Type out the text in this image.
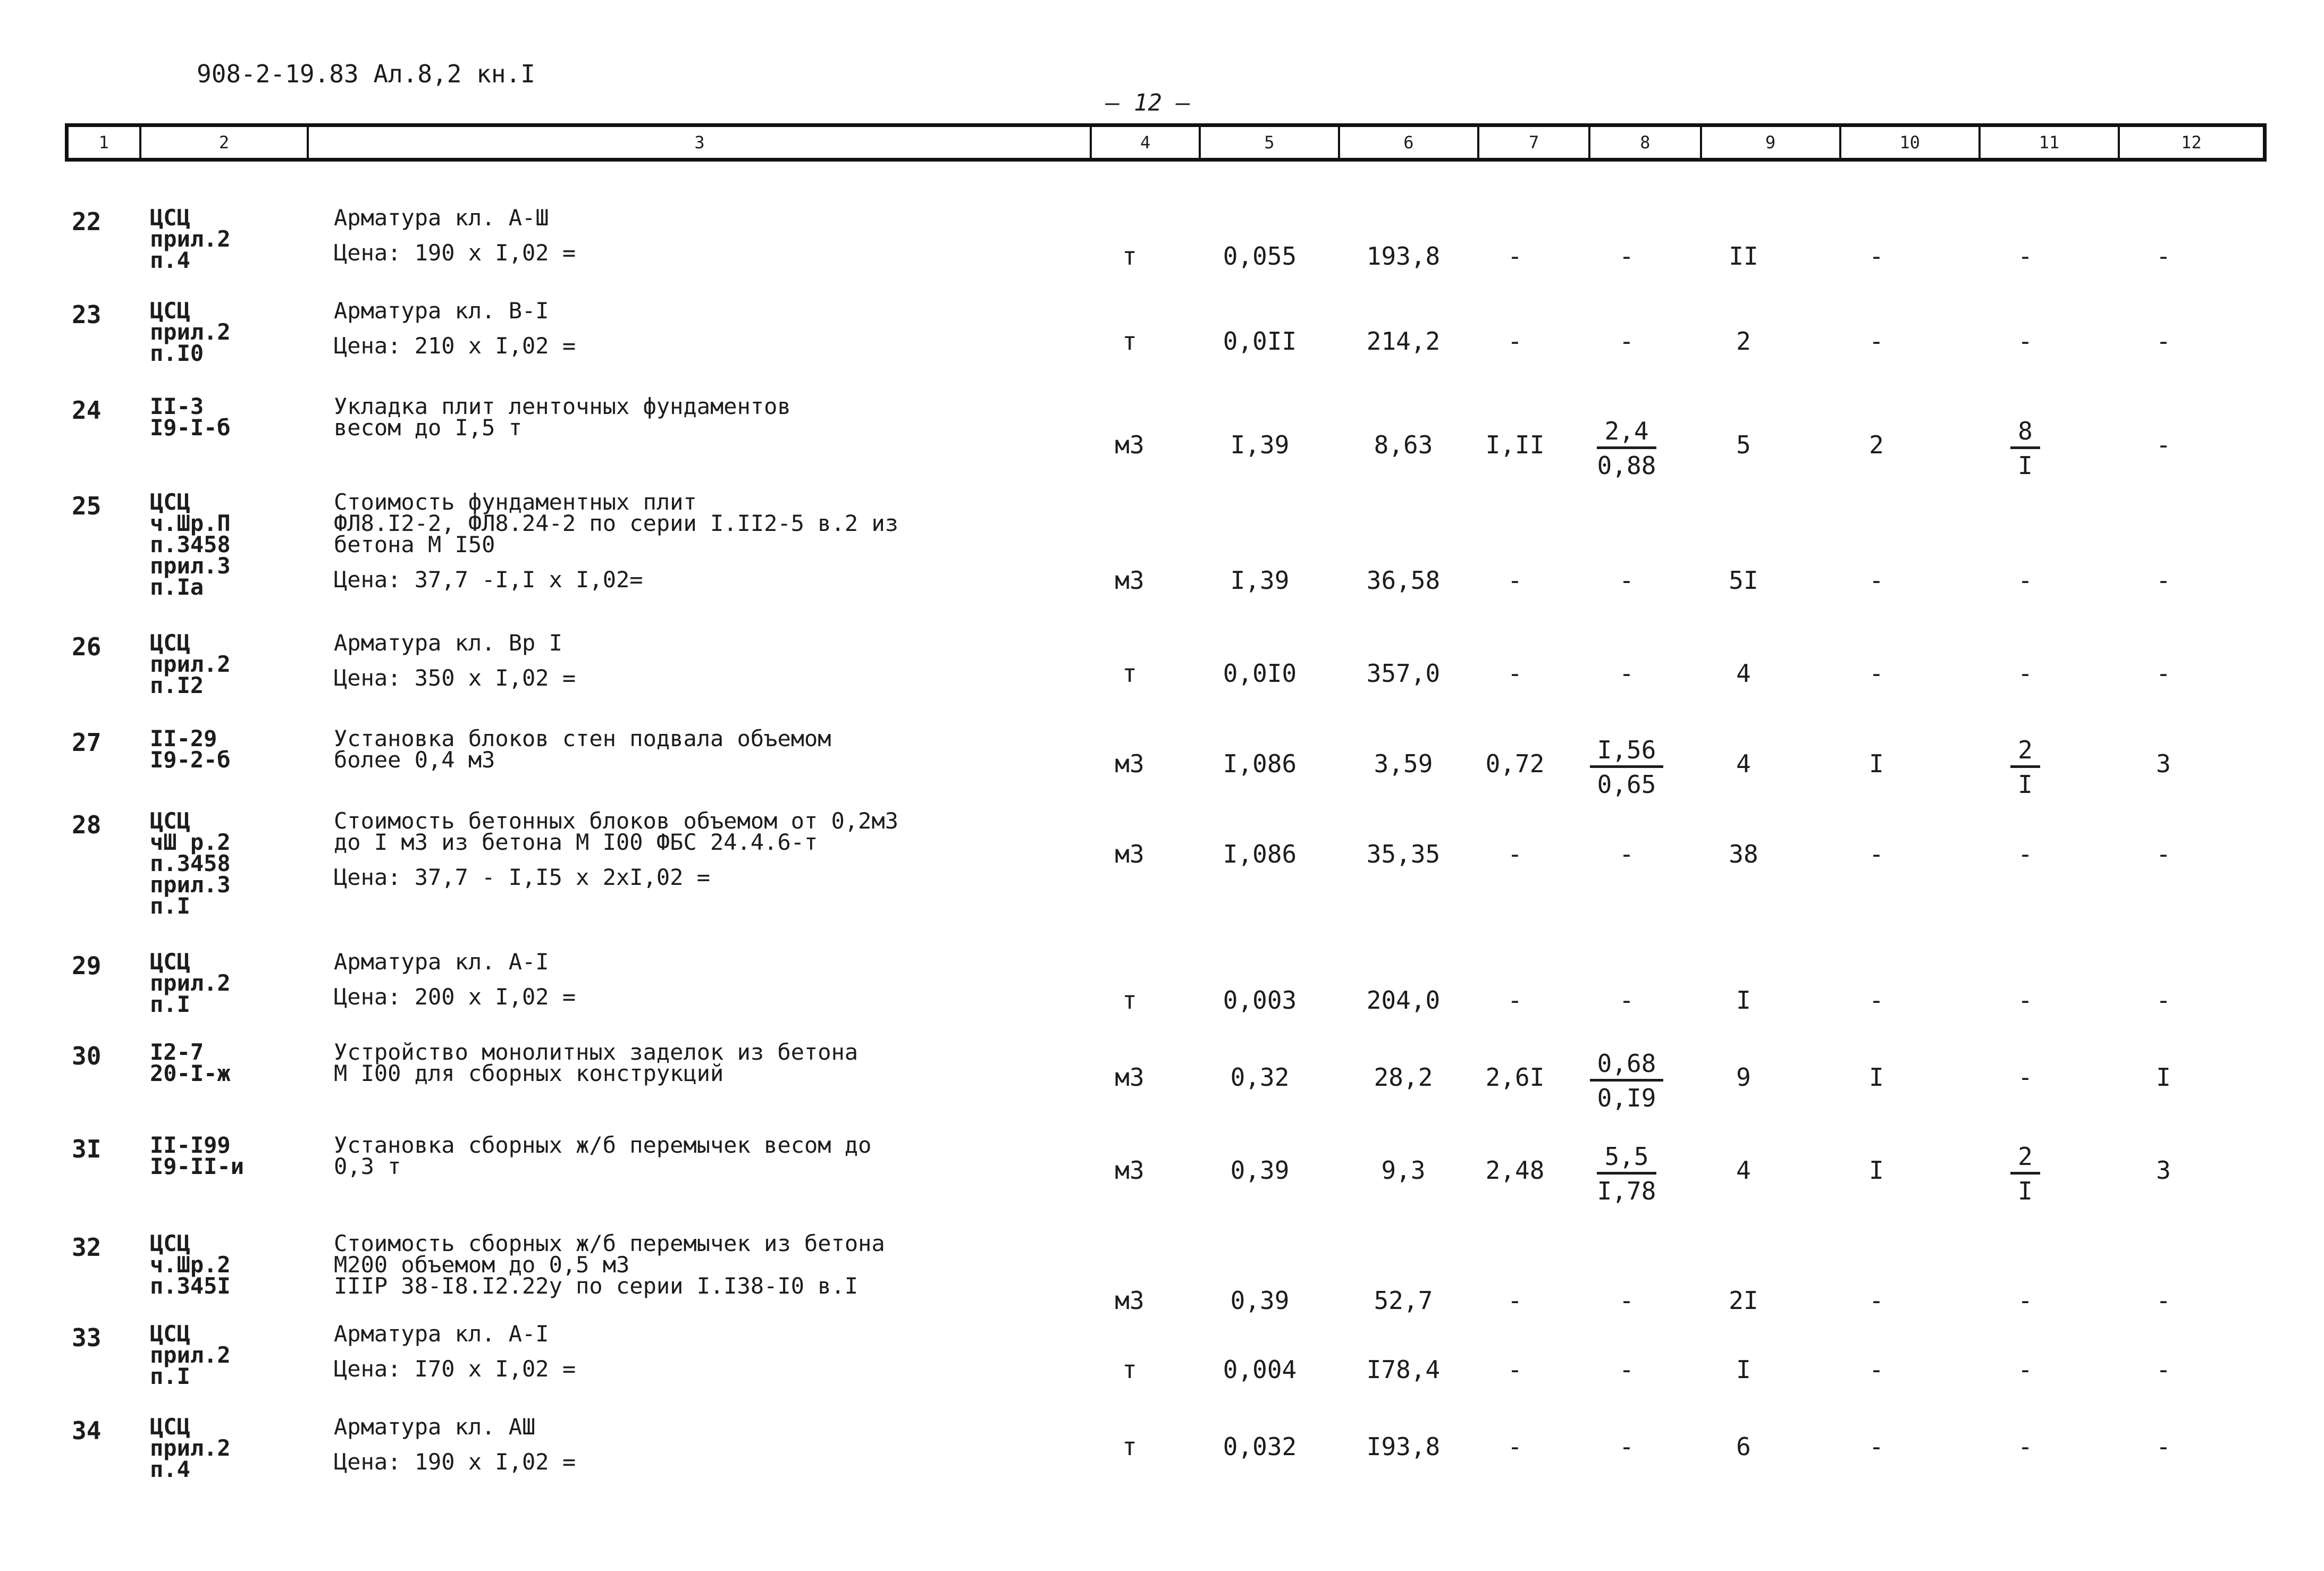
908-2-19.83 Ал.8,2 кн.I
— 12 —
1	2	3	4	5	6	7	8	9	10	11	12
22 ЦСЦ
прил.2
п.4
Арматура кл. А-Ш
Цена: 190 х I,02 =	т	0,055	193,8	-	-	II	-	-	-
23 ЦСЦ
прил.2
п.I0
Арматура кл. В-I
Цена: 210 х I,02 =	т	0,0II	214,2	-	-	2	-	-	-
24 II-3
I9-I-б
Укладка плит ленточных фундаментов
весом до I,5 т
м3	I,39	8,63	I,II	$\frac{2,4}{0,88}$	5	2	$\frac{8}{I}$	-
25 ЦСЦ
ч.Шр.П
п.3458
прил.3
п.Iа
Стоимость фундаментных плит
ФЛ8.I2-2, ФЛ8.24-2 по серии I.II2-5 в.2 из
бетона М I50
Цена: 37,7 -I,I х I,02=	м3	I,39	36,58	-	-	5I	-	-	-
26 ЦСЦ
прил.2
п.I2
Арматура кл. Вр I
Цена: 350 х I,02 =	т	0,0I0	357,0	-	-	4	-	-	-
27 II-29
I9-2-б
Установка блоков стен подвала объемом
более 0,4 м3	м3	I,086	3,59	0,72	$\frac{I,56}{0,65}$	4	I	$\frac{2}{I}$	3
28 ЦСЦ
чШ р.2
п.3458
прил.3
п.I
Стоимость бетонных блоков объемом от 0,2м3
до I м3 из бетона М I00 ФБС 24.4.6-т
Цена: 37,7 - I,I5 х 2хI,02 =
м3	I,086	35,35	-	-	38	-	-	-
29 ЦСЦ
прил.2
п.I
Арматура кл. А-I
Цена: 200 х I,02 =	т	0,003	204,0	-	-	I	-	-	-
30 I2-7
20-I-ж
Устройство монолитных заделок из бетона
М I00 для сборных конструкций	м3	0,32	28,2	2,6I	$\frac{0,68}{0,I9}$	9	I	-	I
3I II-I99
I9-II-и
Установка сборных ж/б перемычек весом до
0,3 т	м3	0,39	9,3	2,48	$\frac{5,5}{I,78}$	4	I	$\frac{2}{I}$	3
32 ЦСЦ
ч.Шр.2
п.345I
Стоимость сборных ж/б перемычек из бетона
М200 объемом до 0,5 м3
IIIР 38-I8.I2.22у по серии I.I38-I0 в.I
м3	0,39	52,7	-	-	2I	-	-	-
33 ЦСЦ
прил.2
п.I
Арматура кл. А-I
Цена: I70 х I,02 =	т	0,004	I78,4	-	-	I	-	-	-
34 ЦСЦ
прил.2
п.4
Арматура кл. АШ
Цена: 190 х I,02 =
т	0,032	I93,8	-	-	6	-	-	-
